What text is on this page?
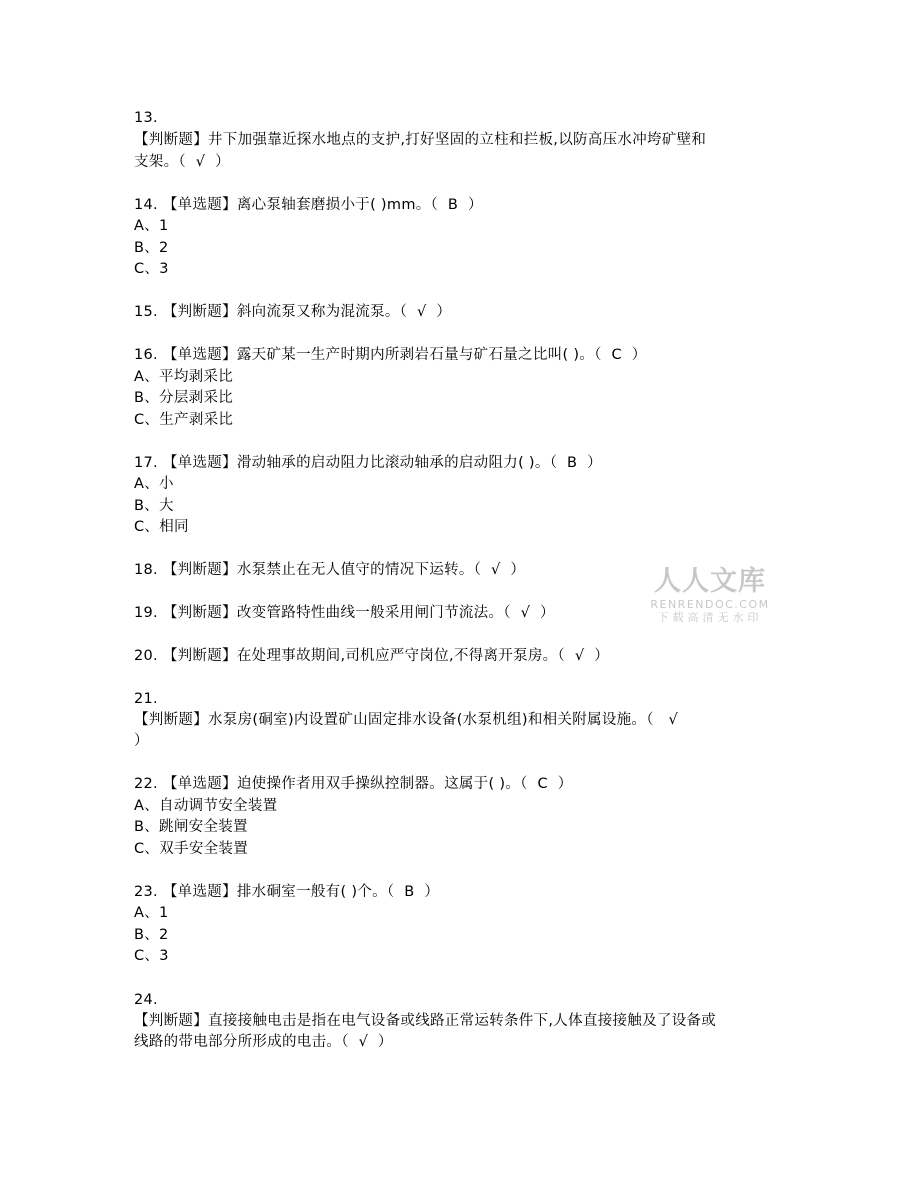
13.

【判断题】井下加强靠近探水地点的支护,打好坚固的立柱和拦板,以防高压水冲垮矿壁和

支架。（  √  ）

14. 【单选题】离心泵轴套磨损小于( )mm。（  B  ）

A、1

B、2

C、3

15. 【判断题】斜向流泵又称为混流泵。（  √  ）

16. 【单选题】露天矿某一生产时期内所剥岩石量与矿石量之比叫( )。（  C  ）

A、平均剥采比

B、分层剥采比

C、生产剥采比

17. 【单选题】滑动轴承的启动阻力比滚动轴承的启动阻力( )。（  B  ）

A、小

B、大

C、相同

18. 【判断题】水泵禁止在无人值守的情况下运转。（  √  ）

19. 【判断题】改变管路特性曲线一般采用闸门节流法。（  √  ）

20. 【判断题】在处理事故期间,司机应严守岗位,不得离开泵房。（  √  ）

21.

【判断题】水泵房(硐室)内设置矿山固定排水设备(水泵机组)和相关附属设施。（   √

）

22. 【单选题】迫使操作者用双手操纵控制器。这属于( )。（  C  ）

A、自动调节安全装置

B、跳闸安全装置

C、双手安全装置

23. 【单选题】排水硐室一般有( )个。（  B  ）

A、1

B、2

C、3

24.

【判断题】直接接触电击是指在电气设备或线路正常运转条件下,人体直接接触及了设备或

线路的带电部分所形成的电击。（  √  ）

人人文库
RENRENDOC.COM
下载高清无水印
